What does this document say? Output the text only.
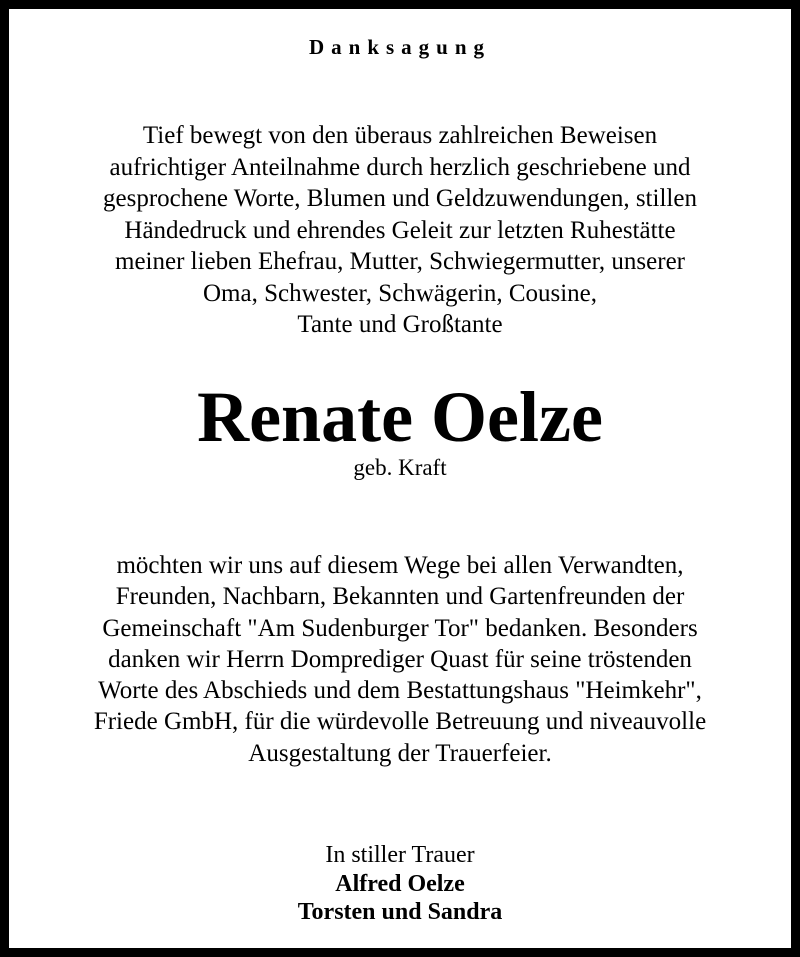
Danksagung
Tief bewegt von den überaus zahlreichen Beweisen
aufrichtiger Anteilnahme durch herzlich geschriebene und
gesprochene Worte, Blumen und Geldzuwendungen, stillen
Händedruck und ehrendes Geleit zur letzten Ruhestätte
meiner lieben Ehefrau, Mutter, Schwiegermutter, unserer
Oma, Schwester, Schwägerin, Cousine,
Tante und Großtante
Renate Oelze
geb. Kraft
möchten wir uns auf diesem Wege bei allen Verwandten,
Freunden, Nachbarn, Bekannten und Gartenfreunden der
Gemeinschaft "Am Sudenburger Tor" bedanken. Besonders
danken wir Herrn Domprediger Quast für seine tröstenden
Worte des Abschieds und dem Bestattungshaus "Heimkehr",
Friede GmbH, für die würdevolle Betreuung und niveauvolle
Ausgestaltung der Trauerfeier.
In stiller Trauer
Alfred Oelze
Torsten und Sandra
